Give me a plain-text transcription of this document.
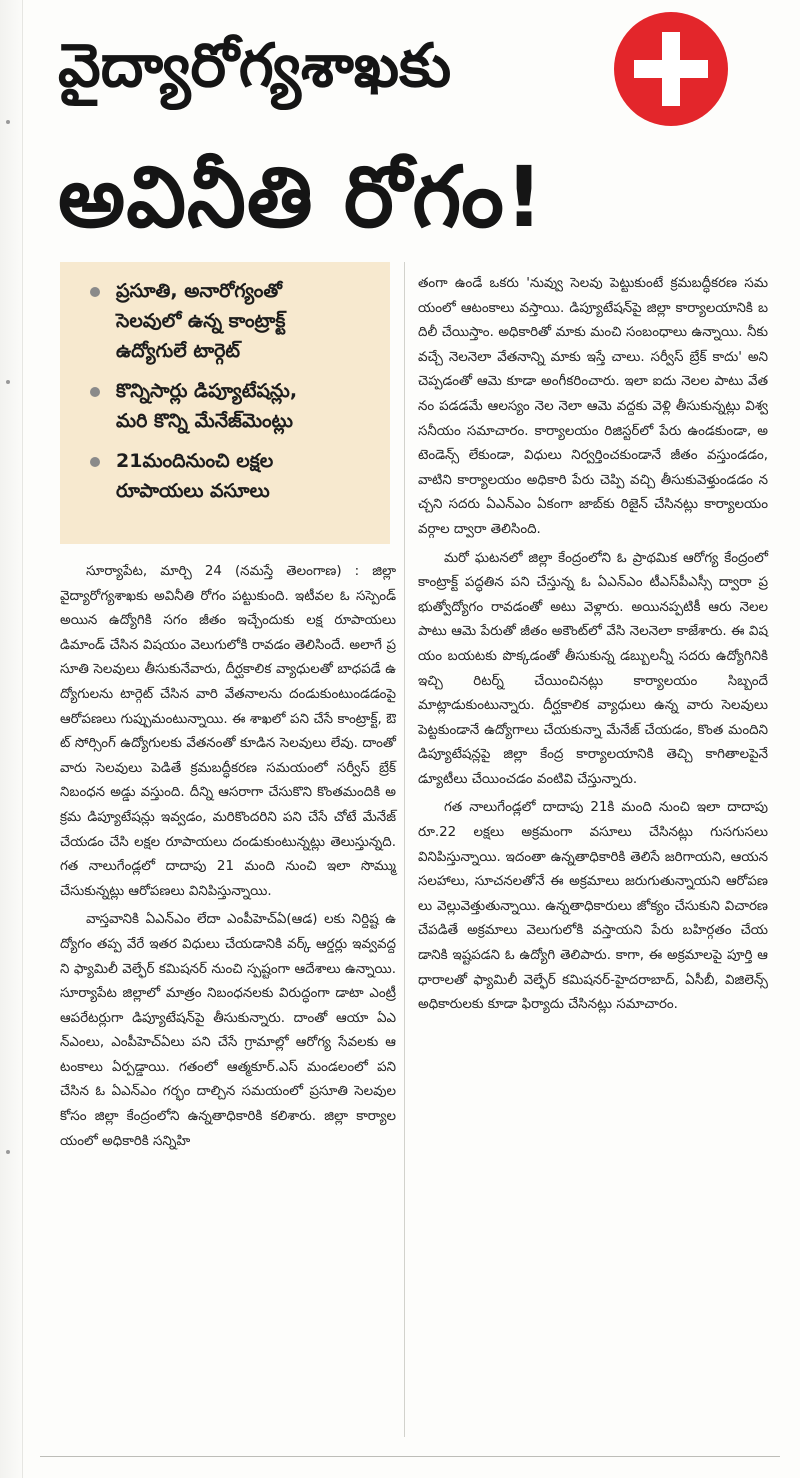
వైద్యారోగ్యశాఖకు
అవినీతి రోగం!
ప్రసూతి, అనారోగ్యంతో
సెలవులో ఉన్న కాంట్రాక్ట్
ఉద్యోగులే టార్గెట్
కొన్నిసార్లు డిప్యూటేషన్లు,
మరి కొన్ని మేనేజ్‌మెంట్లు
21మందినుంచి లక్షల
రూపాయలు వసూలు

సూర్యాపేట, మార్చి 24 (నమస్తే తెలంగాణ) : జిల్లా వైద్యారోగ్యశాఖకు అవినీతి రోగం పట్టుకుంది. ఇటీవల ఓ సస్పెండ్ అయిన ఉద్యోగికి సగం జీతం ఇచ్చేందుకు లక్ష రూపాయలు డిమాండ్ చేసిన విషయం వెలుగులోకి రావడం తెలిసిందే. అలాగే ప్రసూతి సెలవులు తీసుకునేవారు, దీర్ఘకాలిక వ్యాధులతో బాధపడే ఉద్యోగులను టార్గెట్ చేసిన వారి వేతనాలను దండుకుంటుండడంపై ఆరోపణలు గుప్పుమంటున్నాయి. ఈ శాఖలో పని చేసే కాంట్రాక్ట్, ఔట్ సోర్సింగ్ ఉద్యోగులకు వేతనంతో కూడిన సెలవులు లేవు. దాంతో వారు సెలవులు పెడితే క్రమబద్ధీకరణ సమయంలో సర్వీస్ బ్రేక్ నిబంధన అడ్డు వస్తుంది. దీన్ని ఆసరాగా చేసుకొని కొంతమందికి అక్రమ డిప్యూటేషన్లు ఇవ్వడం, మరికొందరిని పని చేసే చోటే మేనేజ్ చేయడం చేసి లక్షల రూపాయలు దండుకుంటున్నట్లు తెలుస్తున్నది. గత నాలుగేండ్లలో దాదాపు 21 మంది నుంచి ఇలా సొమ్ము చేసుకున్నట్లు ఆరోపణలు వినిపిస్తున్నాయి.

వాస్తవానికి ఏఎన్‌ఎం లేదా ఎంపీహెచ్‌ఏ(ఆడ) లకు నిర్దిష్ట ఉద్యోగం తప్ప వేరే ఇతర విధులు చేయడానికి వర్క్ ఆర్డర్లు ఇవ్వవద్దని ఫ్యామిలీ వెల్ఫేర్ కమిషనర్ నుంచి స్పష్టంగా ఆదేశాలు ఉన్నాయి. సూర్యాపేట జిల్లాలో మాత్రం నిబంధనలకు విరుద్ధంగా డాటా ఎంట్రీ ఆపరేటర్లుగా డిప్యూటేషన్‌పై తీసుకున్నారు. దాంతో ఆయా ఏఎన్‌ఎంలు, ఎంపీహెచ్‌ఏలు పని చేసే గ్రామాల్లో ఆరోగ్య సేవలకు ఆటంకాలు ఏర్పడ్డాయి. గతంలో ఆత్మకూర్.ఎస్ మండలంలో పని చేసిన ఓ ఏఎన్‌ఎం గర్భం దాల్చిన సమయంలో ప్రసూతి సెలవుల కోసం జిల్లా కేంద్రంలోని ఉన్నతాధికారికి కలిశారు. జిల్లా కార్యాలయంలో అధికారికి సన్నిహి

తంగా ఉండే ఒకరు 'నువ్వు సెలవు పెట్టుకుంటే క్రమబద్ధీకరణ సమయంలో ఆటంకాలు వస్తాయి. డిప్యూటేషన్‌పై జిల్లా కార్యాలయానికి బదిలీ చేయిస్తాం. అధికారితో మాకు మంచి సంబంధాలు ఉన్నాయి. నీకు వచ్చే నెలనెలా వేతనాన్ని మాకు ఇస్తే చాలు. సర్వీస్ బ్రేక్ కాదు' అని చెప్పడంతో ఆమె కూడా అంగీకరించారు. ఇలా ఐదు నెలల పాటు వేతనం పడడమే ఆలస్యం నెల నెలా ఆమె వద్దకు వెళ్లి తీసుకున్నట్లు విశ్వసనీయం సమాచారం. కార్యాలయం రిజిస్టర్‌లో పేరు ఉండకుండా, అటెండెన్స్ లేకుండా, విధులు నిర్వర్తించకుండానే జీతం వస్తుండడం, వాటిని కార్యాలయం అధికారి పేరు చెప్పి వచ్చి తీసుకువెళ్తుండడం నచ్చని సదరు ఏఎన్‌ఎం ఏకంగా జాబ్‌కు రిజైన్ చేసినట్లు కార్యాలయం వర్గాల ద్వారా తెలిసింది.

మరో ఘటనలో జిల్లా కేంద్రంలోని ఓ ప్రాథమిక ఆరోగ్య కేంద్రంలో కాంట్రాక్ట్ పద్ధతిన పని చేస్తున్న ఓ ఏఎన్‌ఎం టీఎస్‌పీఎస్సీ ద్వారా ప్రభుత్వోద్యోగం రావడంతో అటు వెళ్లారు. అయినప్పటికీ ఆరు నెలల పాటు ఆమె పేరుతో జీతం అకౌంట్‌లో వేసి నెలనెలా కాజేశారు. ఈ విషయం బయటకు పొక్కడంతో తీసుకున్న డబ్బులన్నీ సదరు ఉద్యోగినికి ఇచ్చి రిటర్న్ చేయించినట్లు కార్యాలయం సిబ్బందే మాట్లాడుకుంటున్నారు. దీర్ఘకాలిక వ్యాధులు ఉన్న వారు సెలవులు పెట్టకుండానే ఉద్యోగాలు చేయకున్నా మేనేజ్ చేయడం, కొంత మందిని డిప్యూటేషన్లపై జిల్లా కేంద్ర కార్యాలయానికి తెచ్చి కాగితాలపైనే డ్యూటీలు చేయించడం వంటివి చేస్తున్నారు.

గత నాలుగేండ్లలో దాదాపు 21కి మంది నుంచి ఇలా దాదాపు రూ.22 లక్షలు అక్రమంగా వసూలు చేసినట్లు గుసగుసలు వినిపిస్తున్నాయి. ఇదంతా ఉన్నతాధికారికి తెలిసే జరిగాయని, ఆయన సలహాలు, సూచనలతోనే ఈ అక్రమాలు జరుగుతున్నాయని ఆరోపణలు వెల్లువెత్తుతున్నాయి. ఉన్నతాధికారులు జోక్యం చేసుకుని విచారణ చేపడితే అక్రమాలు వెలుగులోకి వస్తాయని పేరు బహిర్గతం చేయడానికి ఇష్టపడని ఓ ఉద్యోగి తెలిపారు. కాగా, ఈ అక్రమాలపై పూర్తి ఆధారాలతో ఫ్యామిలీ వెల్ఫేర్ కమిషనర్-హైదరాబాద్, ఏసీబీ, విజిలెన్స్ అధికారులకు కూడా ఫిర్యాదు చేసినట్లు సమాచారం.
